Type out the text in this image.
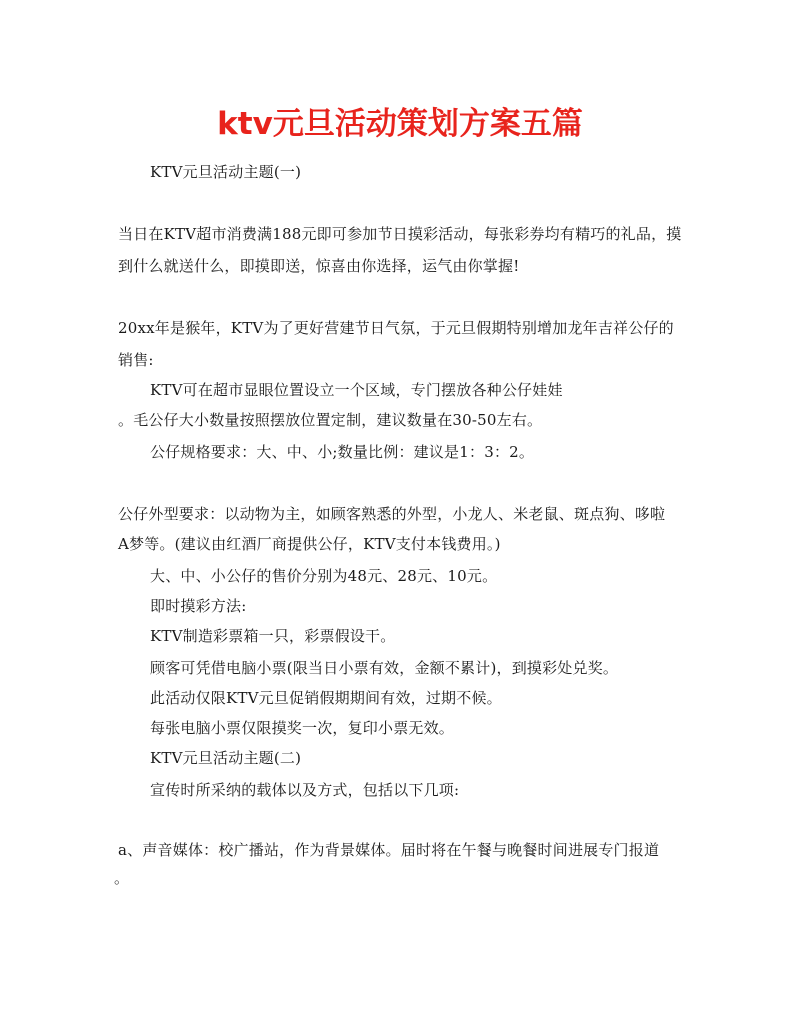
ktv元旦活动策划方案五篇
KTV元旦活动主题(一)
当日在KTV超市消费满188元即可参加节日摸彩活动，每张彩券均有精巧的礼品，摸
到什么就送什么，即摸即送，惊喜由你选择，运气由你掌握!
20xx年是猴年，KTV为了更好营建节日气氛，于元旦假期特别增加龙年吉祥公仔的
销售:
KTV可在超市显眼位置设立一个区域，专门摆放各种公仔娃娃
。毛公仔大小数量按照摆放位置定制，建议数量在30-50左右。
公仔规格要求：大、中、小;数量比例：建议是1：3：2。
公仔外型要求：以动物为主，如顾客熟悉的外型，小龙人、米老鼠、斑点狗、哆啦
A梦等。(建议由红酒厂商提供公仔，KTV支付本钱费用。)
大、中、小公仔的售价分别为48元、28元、10元。
即时摸彩方法:
KTV制造彩票箱一只，彩票假设干。
顾客可凭借电脑小票(限当日小票有效，金额不累计)，到摸彩处兑奖。
此活动仅限KTV元旦促销假期期间有效，过期不候。
每张电脑小票仅限摸奖一次，复印小票无效。
KTV元旦活动主题(二)
宣传时所采纳的载体以及方式，包括以下几项:
a、声音媒体：校广播站，作为背景媒体。届时将在午餐与晚餐时间进展专门报道
。
